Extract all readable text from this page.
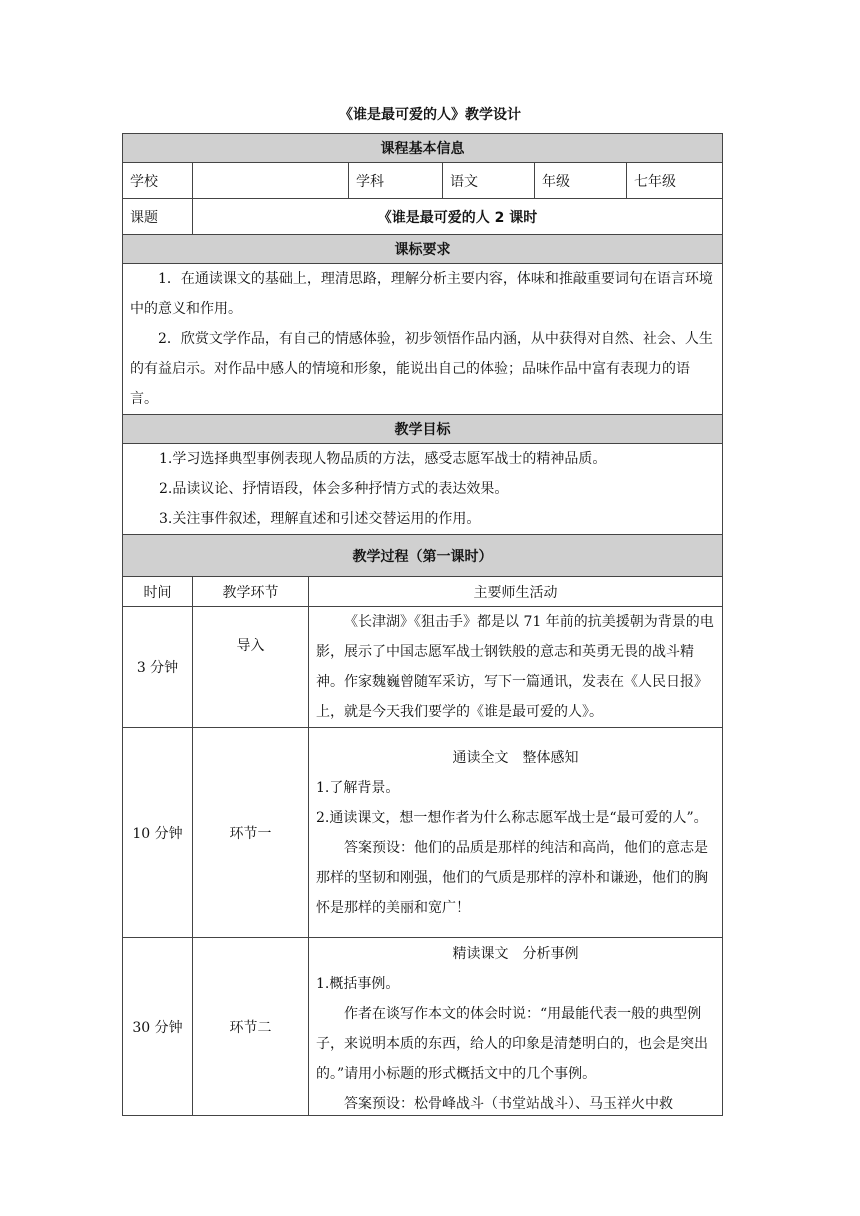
《谁是最可爱的人》教学设计
课程基本信息						
学校			学科	语文	年级	七年级
课题	《谁是最可爱的人 2 课时					
课标要求						

1．在通读课文的基础上，理清思路，理解分析主要内容，体味和推敲重要词句在语言环境中的意义和作用。

2．欣赏文学作品，有自己的情感体验，初步领悟作品内涵，从中获得对自然、社会、人生的有益启示。对作品中感人的情境和形象，能说出自己的体验；品味作品中富有表现力的语言。						

教学目标						

1.学习选择典型事例表现人物品质的方法，感受志愿军战士的精神品质。

2.品读议论、抒情语段，体会多种抒情方式的表达效果。

3.关注事件叙述，理解直述和引述交替运用的作用。						

教学过程（第一课时）						
时间	教学环节	主要师生活动				
3 分钟	导入	《长津湖》《狙击手》都是以 71 年前的抗美援朝为背景的电影，展示了中国志愿军战士钢铁般的意志和英勇无畏的战斗精神。作家魏巍曾随军采访，写下一篇通讯，发表在《人民日报》上，就是今天我们要学的《谁是最可爱的人》。				

10 分钟	环节一	通读全文　整体感知

1.了解背景。

2.通读课文，想一想作者为什么称志愿军战士是“最可爱的人”。

答案预设：他们的品质是那样的纯洁和高尚，他们的意志是那样的坚韧和刚强，他们的气质是那样的淳朴和谦逊，他们的胸怀是那样的美丽和宽广！				

30 分钟	环节二	精读课文　分析事例

1.概括事例。

作者在谈写作本文的体会时说：“用最能代表一般的典型例子，来说明本质的东西，给人的印象是清楚明白的，也会是突出的。”请用小标题的形式概括文中的几个事例。

答案预设：松骨峰战斗（书堂站战斗）、马玉祥火中救				
